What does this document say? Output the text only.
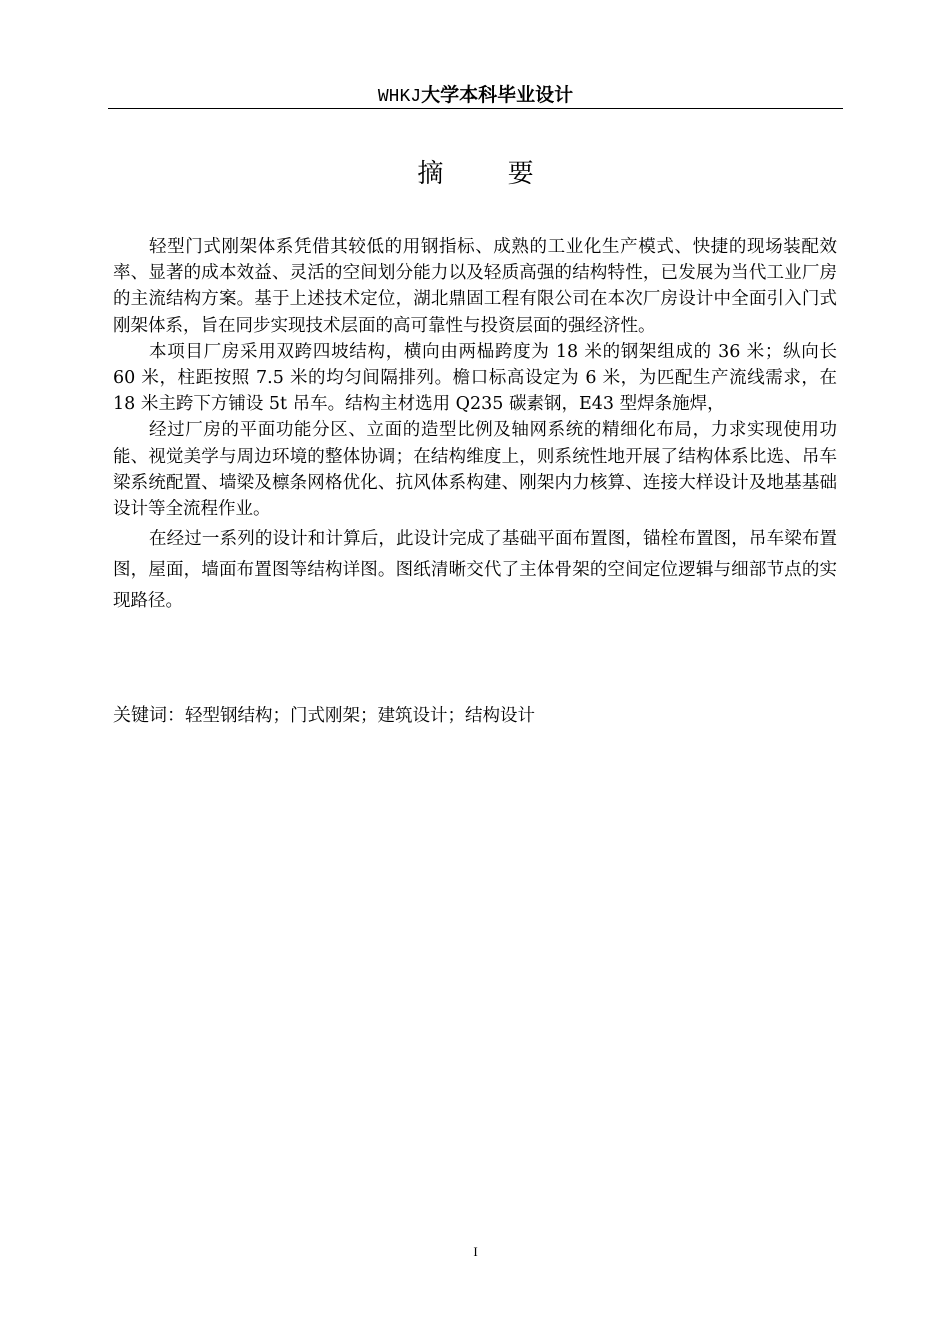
WHKJ大学本科毕业设计
摘 要

轻型门式刚架体系凭借其较低的用钢指标、成熟的工业化生产模式、快捷的现场装配效率、显著的成本效益、灵活的空间划分能力以及轻质高强的结构特性，已发展为当代工业厂房的主流结构方案。基于上述技术定位，湖北鼎固工程有限公司在本次厂房设计中全面引入门式刚架体系，旨在同步实现技术层面的高可靠性与投资层面的强经济性。

本项目厂房采用双跨四坡结构，横向由两榀跨度为 18 米的钢架组成的 36 米；纵向长 60 米，柱距按照 7.5 米的均匀间隔排列。檐口标高设定为 6 米，为匹配生产流线需求，在 18 米主跨下方铺设 5t 吊车。结构主材选用 Q235 碳素钢，E43 型焊条施焊，

经过厂房的平面功能分区、立面的造型比例及轴网系统的精细化布局，力求实现使用功能、视觉美学与周边环境的整体协调；在结构维度上，则系统性地开展了结构体系比选、吊车梁系统配置、墙梁及檩条网格优化、抗风体系构建、刚架内力核算、连接大样设计及地基基础设计等全流程作业。

在经过一系列的设计和计算后，此设计完成了基础平面布置图，锚栓布置图，吊车梁布置图，屋面，墙面布置图等结构详图。图纸清晰交代了主体骨架的空间定位逻辑与细部节点的实现路径。

关键词：轻型钢结构；门式刚架；建筑设计；结构设计
I
